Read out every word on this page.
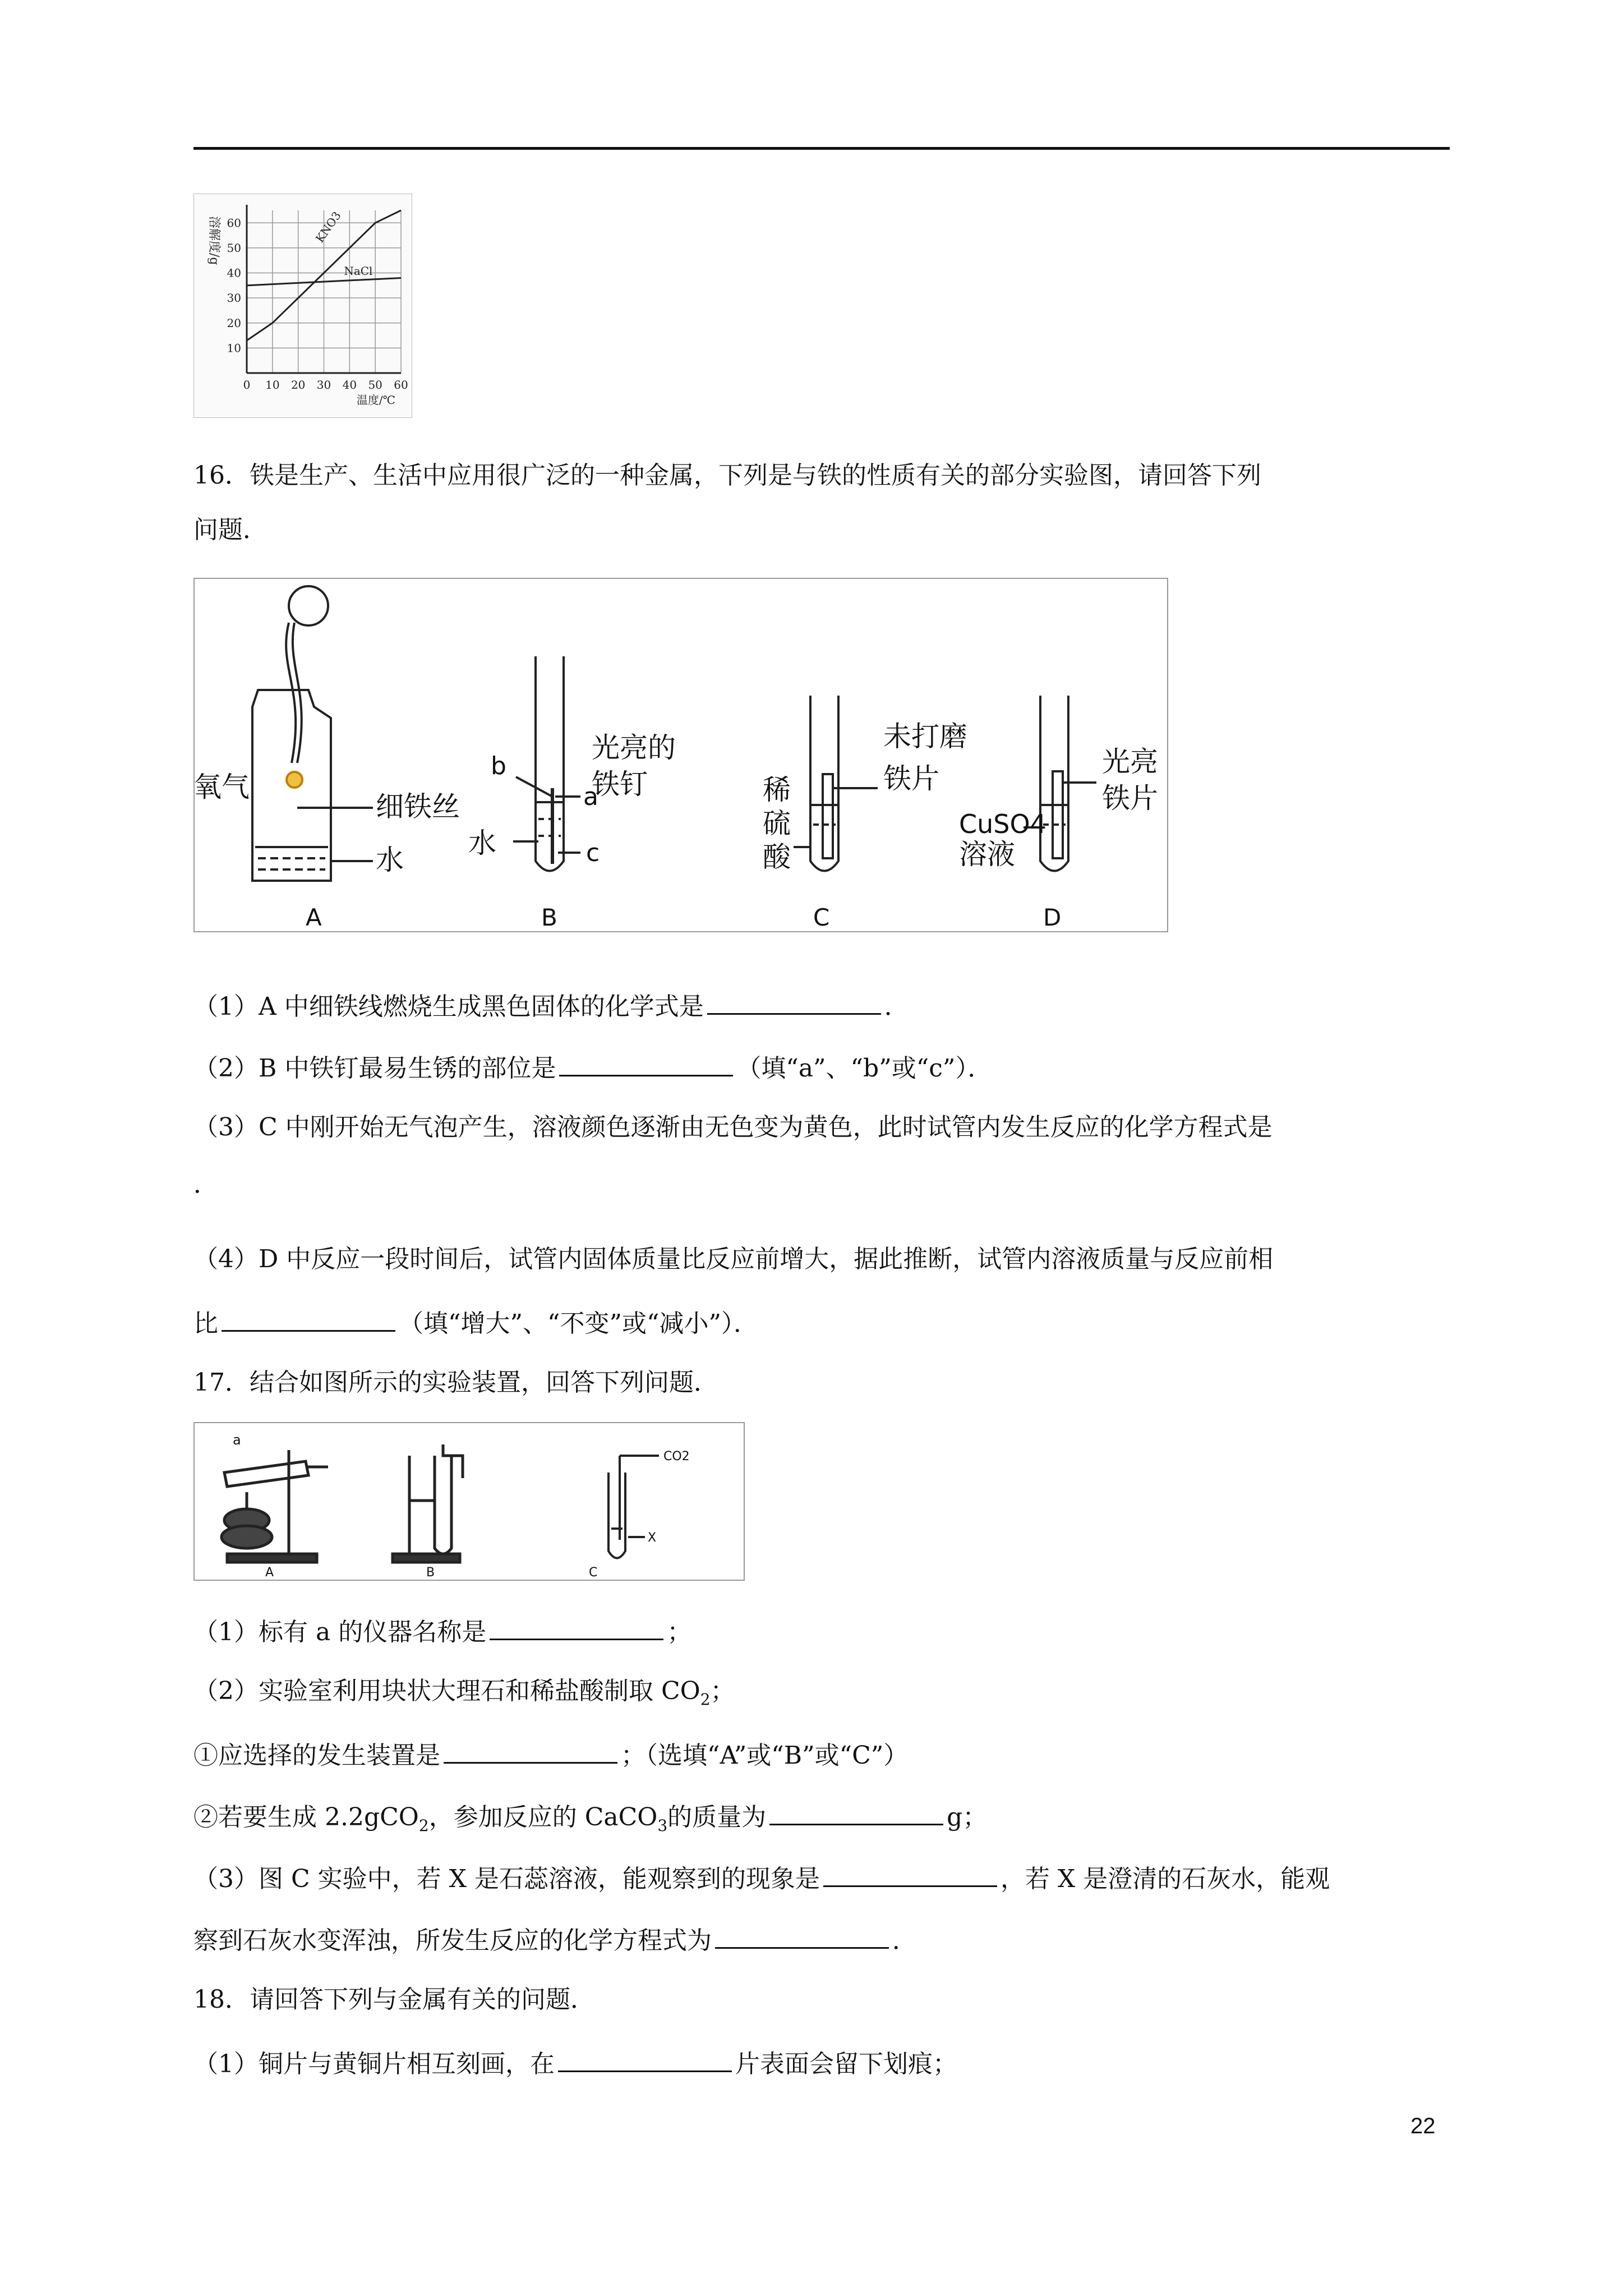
KNO3
NaCl
0 10 20 30 40 50 60
10
20
30
40
50
60
溶解度/g
温度/℃
16．铁是生产、生活中应用很广泛的一种金属，下列是与铁的性质有关的部分实验图，请回答下列
问题．
氧气
细铁丝
水
A
b
a
光亮的
铁钉
水	c
B
稀
硫
酸
未打磨
铁片
C
CuSO4
溶液
光亮
铁片
D
（1）A 中细铁线燃烧生成黑色固体的化学式是	．
（2）B 中铁钉最易生锈的部位是	（填“a”、“b”或“c”）．
（3）C 中刚开始无气泡产生，溶液颜色逐渐由无色变为黄色，此时试管内发生反应的化学方程式是
．
（4）D 中反应一段时间后，试管内固体质量比反应前增大，据此推断，试管内溶液质量与反应前相
比	（填“增大”、“不变”或“减小”）．
17．结合如图所示的实验装置，回答下列问题．
a
A	B
CO2
X
C
（1）标有 a 的仪器名称是	；
（2）实验室利用块状大理石和稀盐酸制取 $CO_2$；
①应选择的发生装置是	；（选填“A”或“B”或“C”）
②若要生成 2.2gCO$_2$，参加反应的 CaCO$_3$的质量为	g；
（3）图 C 实验中，若 X 是石蕊溶液，能观察到的现象是	，若 X 是澄清的石灰水，能观
察到石灰水变浑浊，所发生反应的化学方程式为	．
18．请回答下列与金属有关的问题．
（1）铜片与黄铜片相互刻画，在	片表面会留下划痕；
22
